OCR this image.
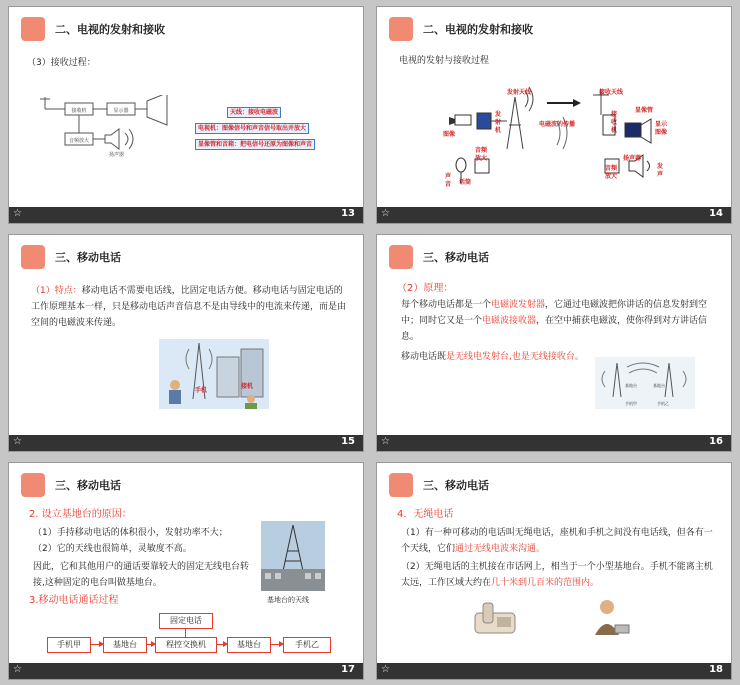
二、电视的发射和接收
（3）接收过程：
接收机	显示器
音频放大
扬声器
天线：接收电磁波
电视机：图像信号和声音信号取出并放大
显像管和音箱：把电信号还原为图像和声音
☆	13
二、电视的发射和接收
电视的发射与接收过程
发射天线
发射机
图像
音频放大
声音	话筒
电磁波的传播
接收天线
接收机
显像管
显示图像
扬声器
音频放大
发声
☆	14
三、移动电话
（1）特点：移动电话不需要电话线，比固定电话方便。移动电话与固定电话的工作原理基本一样，只是移动电话声音信息不是由导线中的电流来传递，而是由空间的电磁波来传递。
手机
接机
☆	15
三、移动电话
（2）原理：
每个移动电话都是一个电磁波发射器，它通过电磁波把你讲话的信息发射到空中；同时它又是一个电磁波接收器，在空中捕获电磁波，使你得到对方讲话信息。
移动电话既是无线电发射台,也是无线接收台。
基地台
手机甲
基地台
手机乙
☆	16
三、移动电话
2. 设立基地台的原因：
（1）手持移动电话的体积很小，发射功率不大；
（2）它的天线也很简单，灵敏度不高。
因此，它和其他用户的通话要靠较大的固定无线电台转接,这种固定的电台叫做基地台。
基地台的天线
3.移动电话通话过程
固定电话
手机甲	基地台	程控交换机	基地台	手机乙
☆	17
三、移动电话
4．无绳电话
（1）有一种可移动的电话叫无绳电话，座机和手机之间没有电话线，但各有一个天线，它们通过无线电波来沟通。
（2）无绳电话的主机接在市话网上，相当于一个小型基地台。手机不能离主机太远，工作区域大约在几十米到几百米的范围内。
☆	18
